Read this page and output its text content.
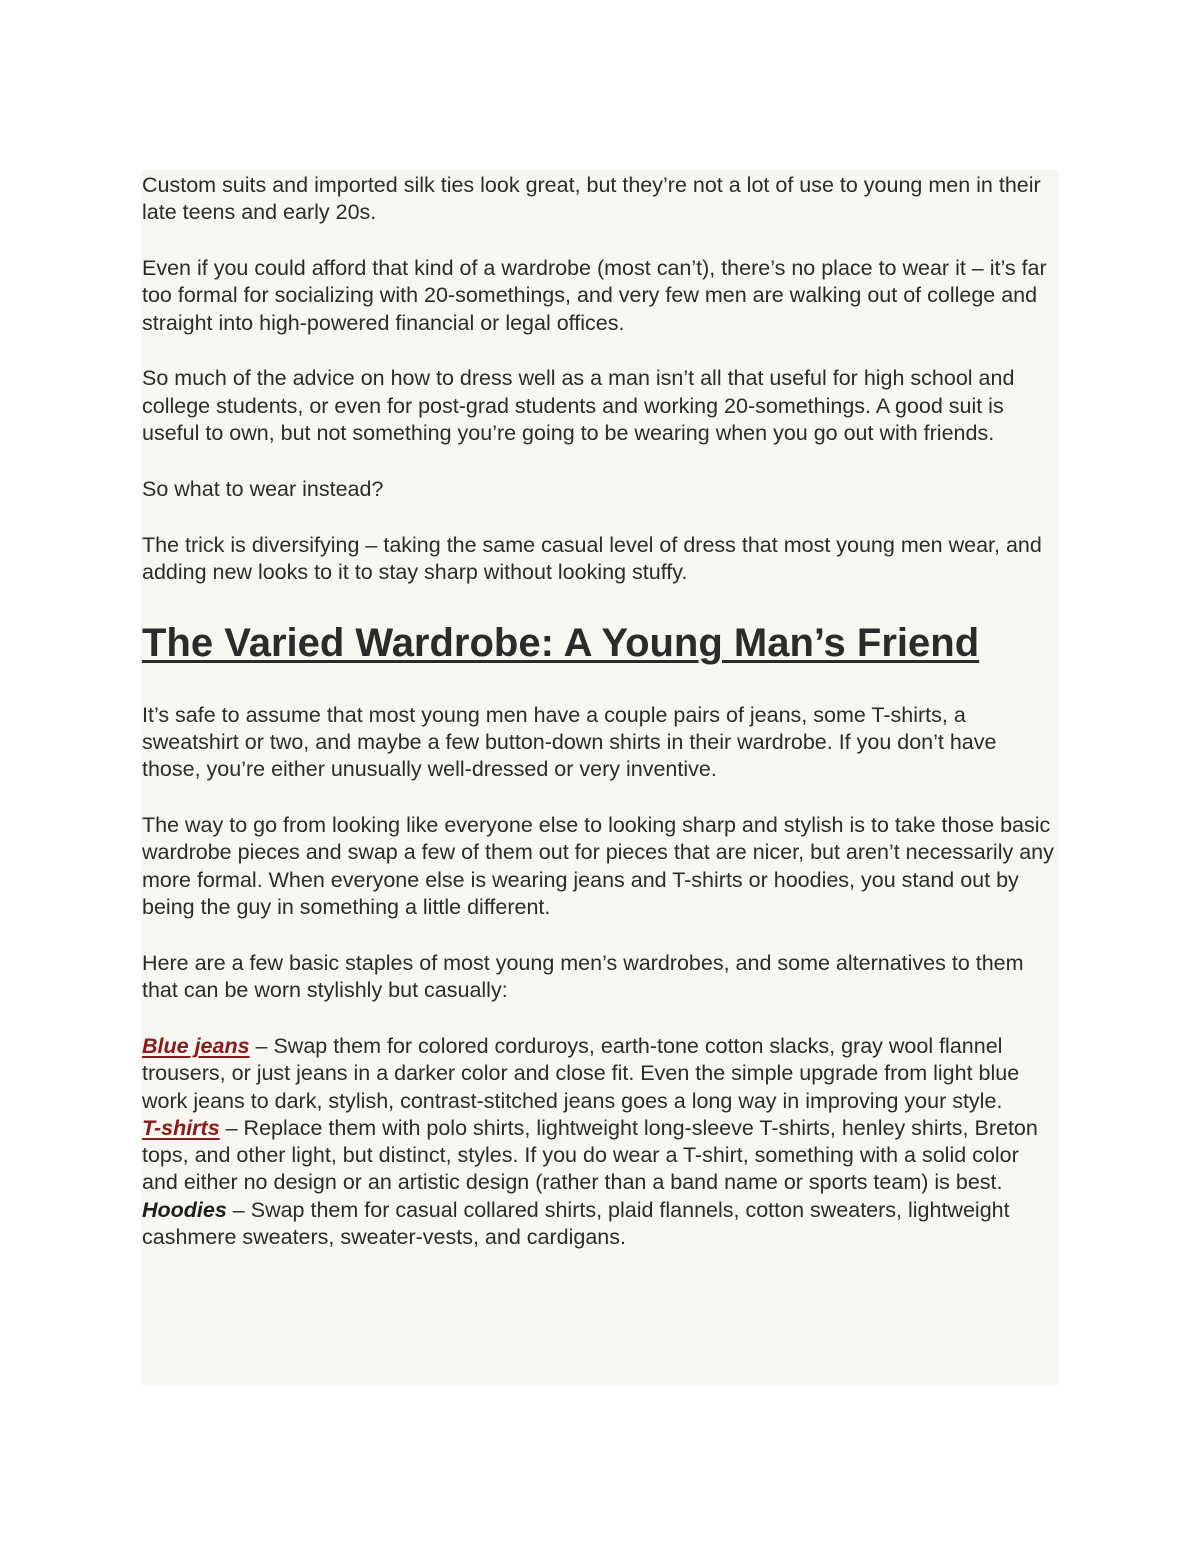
Custom suits and imported silk ties look great, but they’re not a lot of use to young men in their late teens and early 20s.

Even if you could afford that kind of a wardrobe (most can’t), there’s no place to wear it – it’s far too formal for socializing with 20-somethings, and very few men are walking out of college and straight into high-powered financial or legal offices.

So much of the advice on how to dress well as a man isn’t all that useful for high school and college students, or even for post-grad students and working 20-somethings. A good suit is useful to own, but not something you’re going to be wearing when you go out with friends.

So what to wear instead?

The trick is diversifying – taking the same casual level of dress that most young men wear, and adding new looks to it to stay sharp without looking stuffy.

The Varied Wardrobe: A Young Man’s Friend

It’s safe to assume that most young men have a couple pairs of jeans, some T-shirts, a sweatshirt or two, and maybe a few button-down shirts in their wardrobe. If you don’t have those, you’re either unusually well-dressed or very inventive.

The way to go from looking like everyone else to looking sharp and stylish is to take those basic wardrobe pieces and swap a few of them out for pieces that are nicer, but aren’t necessarily any more formal. When everyone else is wearing jeans and T-shirts or hoodies, you stand out by being the guy in something a little different.

Here are a few basic staples of most young men’s wardrobes, and some alternatives to them that can be worn stylishly but casually:

Blue jeans – Swap them for colored corduroys, earth-tone cotton slacks, gray wool flannel trousers, or just jeans in a darker color and close fit. Even the simple upgrade from light blue work jeans to dark, stylish, contrast-stitched jeans goes a long way in improving your style.

T-shirts – Replace them with polo shirts, lightweight long-sleeve T-shirts, henley shirts, Breton tops, and other light, but distinct, styles. If you do wear a T-shirt, something with a solid color and either no design or an artistic design (rather than a band name or sports team) is best.

Hoodies – Swap them for casual collared shirts, plaid flannels, cotton sweaters, lightweight cashmere sweaters, sweater-vests, and cardigans.
